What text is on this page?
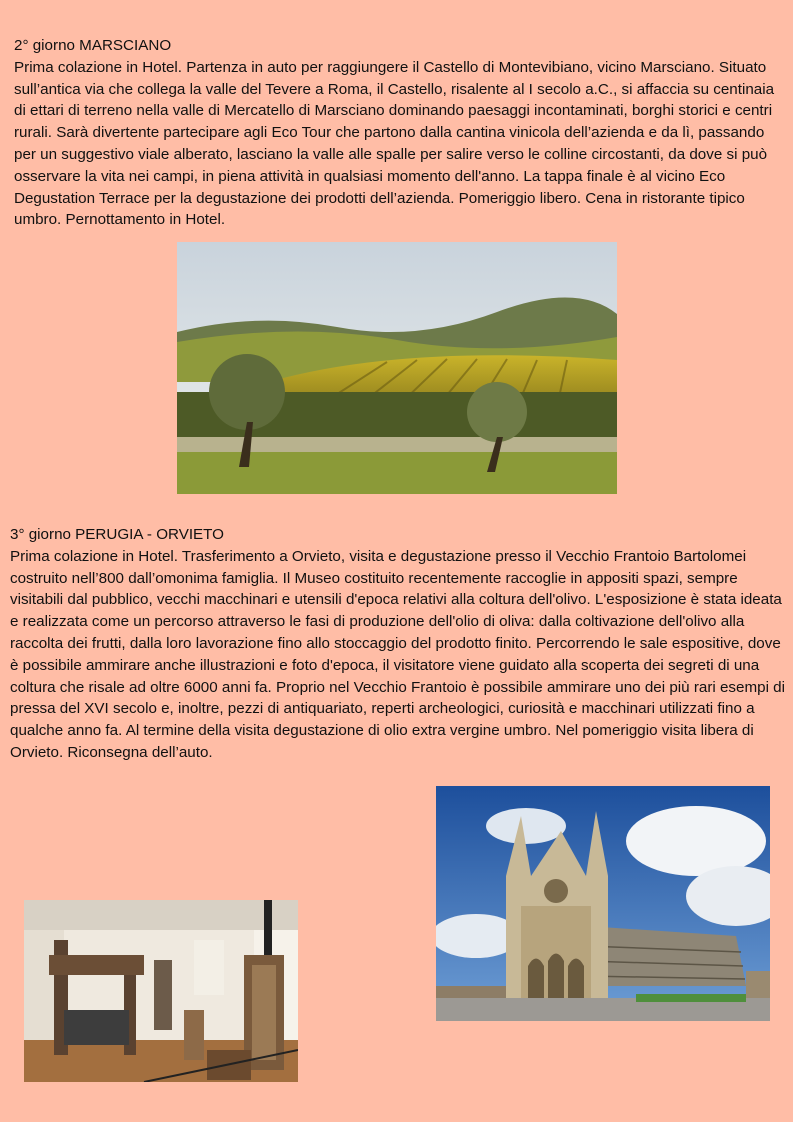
2° giorno MARSCIANO

Prima colazione in Hotel. Partenza in auto per raggiungere il Castello di Montevibiano, vicino Marsciano. Situato sull’antica via che collega la valle del Tevere a Roma, il Castello, risalente al I secolo a.C., si affaccia su centinaia di ettari di terreno nella valle di Mercatello di Marsciano dominando paesaggi incontaminati, borghi storici e centri rurali. Sarà divertente partecipare agli Eco Tour che partono dalla cantina vinicola dell’azienda e da lì, passando per un suggestivo viale alberato, lasciano la valle alle spalle per salire verso le colline circostanti, da dove si può osservare la vita nei campi, in piena attività in qualsiasi momento dell'anno. La tappa finale è al vicino Eco Degustation Terrace per la degustazione dei prodotti dell’azienda. Pomeriggio libero. Cena in ristorante tipico umbro. Pernottamento in Hotel.

3° giorno PERUGIA - ORVIETO

Prima colazione in Hotel. Trasferimento a Orvieto, visita e degustazione presso il Vecchio Frantoio Bartolomei costruito nell’800 dall’omonima famiglia. Il Museo costituito recentemente raccoglie in appositi spazi, sempre visitabili dal pubblico, vecchi macchinari e utensili d'epoca relativi alla coltura dell'olivo. L'esposizione è stata ideata e realizzata come un percorso attraverso le fasi di produzione dell'olio di oliva: dalla coltivazione dell'olivo alla raccolta dei frutti, dalla loro lavorazione fino allo stoccaggio del prodotto finito. Percorrendo le sale espositive, dove è possibile ammirare anche illustrazioni e foto d'epoca, il visitatore viene guidato alla scoperta dei segreti di una coltura che risale ad oltre 6000 anni fa. Proprio nel Vecchio Frantoio è possibile ammirare uno dei più rari esempi di pressa del XVI secolo e, inoltre, pezzi di antiquariato, reperti archeologici, curiosità e macchinari utilizzati fino a qualche anno fa. Al termine della visita degustazione di olio extra vergine umbro. Nel pomeriggio visita libera di Orvieto. Riconsegna dell’auto.
